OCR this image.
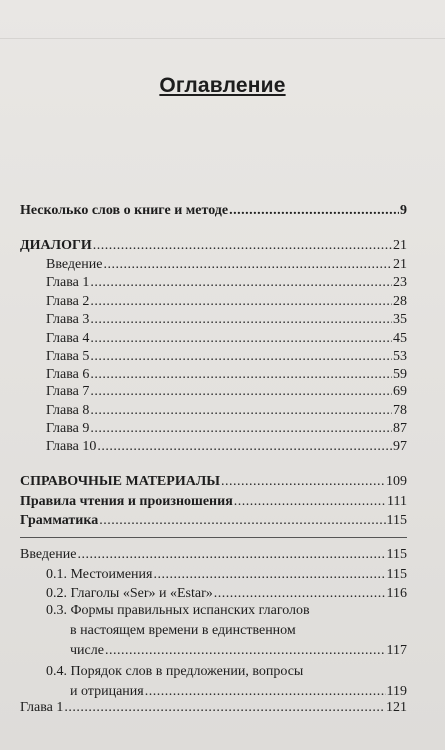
Оглавление
Несколько слов о книге и методе .....	9
ДИАЛОГИ .....	21
Введение .....	21
Глава 1 .....	23
Глава 2 .....	28
Глава 3 .....	35
Глава 4 .....	45
Глава 5 .....	53
Глава 6 .....	59
Глава 7 .....	69
Глава 8 .....	78
Глава 9 .....	87
Глава 10 .....	97
СПРАВОЧНЫЕ МАТЕРИАЛЫ .....	109
Правила чтения и произношения .....	111
Грамматика .....	115
Введение .....	115
0.1. Местоимения .....	115
0.2. Глаголы «Ser» и «Estar» .....	116
0.3. Формы правильных испанских глаголов
в настоящем времени в единственном
числе .....	117
0.4. Порядок слов в предложении, вопросы
и отрицания .....	119
Глава 1 .....	121
